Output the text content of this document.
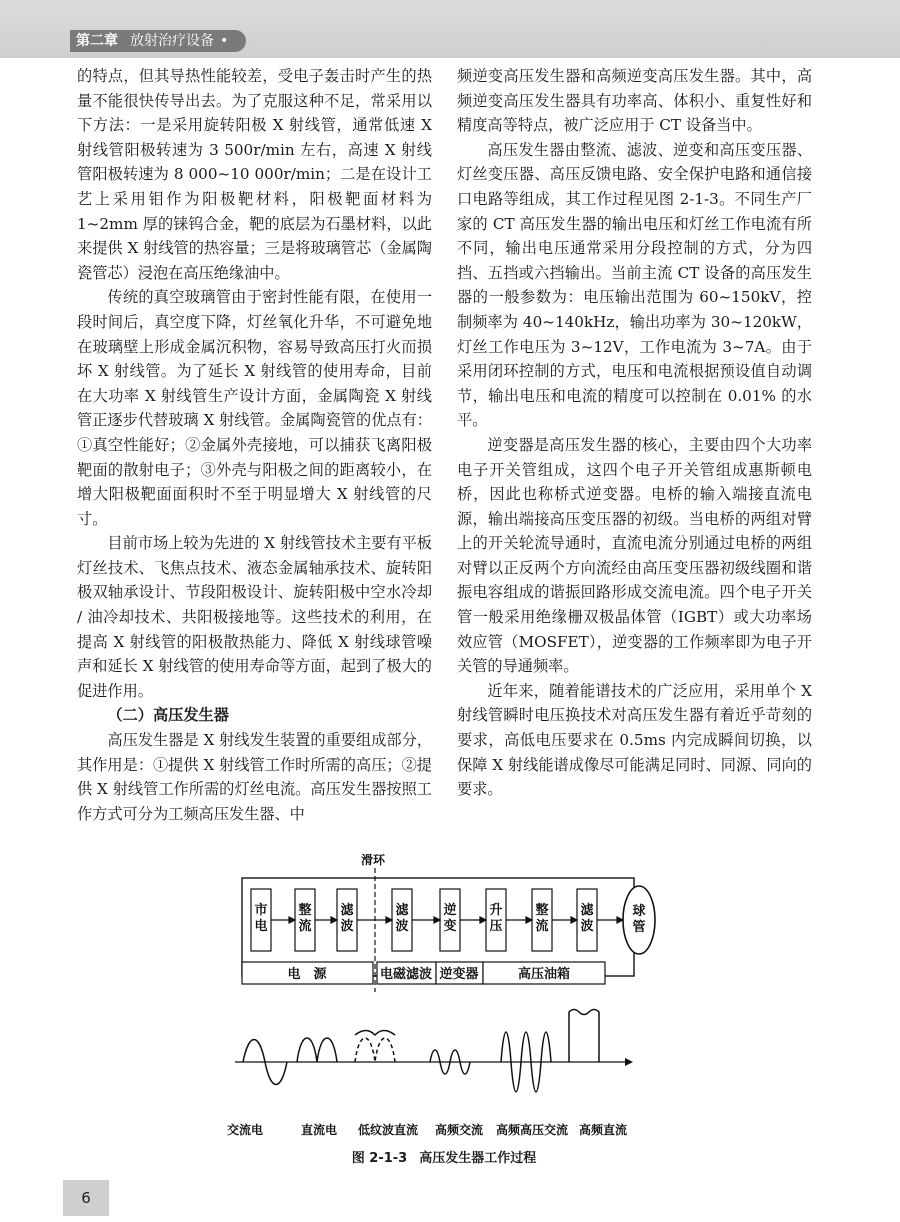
第二章 放射治疗设备 •

的特点，但其导热性能较差，受电子轰击时产生的热量不能很快传导出去。为了克服这种不足，常采用以下方法：一是采用旋转阳极 X 射线管，通常低速 X 射线管阳极转速为 3 500r/min 左右，高速 X 射线管阳极转速为 8 000~10 000r/min；二是在设计工艺上采用钼作为阳极靶材料，阳极靶面材料为 1~2mm 厚的铼钨合金，靶的底层为石墨材料，以此来提供 X 射线管的热容量；三是将玻璃管芯（金属陶瓷管芯）浸泡在高压绝缘油中。

传统的真空玻璃管由于密封性能有限，在使用一段时间后，真空度下降，灯丝氧化升华，不可避免地在玻璃壁上形成金属沉积物，容易导致高压打火而损坏 X 射线管。为了延长 X 射线管的使用寿命，目前在大功率 X 射线管生产设计方面，金属陶瓷 X 射线管正逐步代替玻璃 X 射线管。金属陶瓷管的优点有：①真空性能好；②金属外壳接地，可以捕获飞离阳极靶面的散射电子；③外壳与阳极之间的距离较小，在增大阳极靶面面积时不至于明显增大 X 射线管的尺寸。

目前市场上较为先进的 X 射线管技术主要有平板灯丝技术、飞焦点技术、液态金属轴承技术、旋转阳极双轴承设计、节段阳极设计、旋转阳极中空水冷却 / 油冷却技术、共阳极接地等。这些技术的利用，在提高 X 射线管的阳极散热能力、降低 X 射线球管噪声和延长 X 射线管的使用寿命等方面，起到了极大的促进作用。

（二）高压发生器

高压发生器是 X 射线发生装置的重要组成部分，其作用是：①提供 X 射线管工作时所需的高压；②提供 X 射线管工作所需的灯丝电流。高压发生器按照工作方式可分为工频高压发生器、中

频逆变高压发生器和高频逆变高压发生器。其中，高频逆变高压发生器具有功率高、体积小、重复性好和精度高等特点，被广泛应用于 CT 设备当中。

高压发生器由整流、滤波、逆变和高压变压器、灯丝变压器、高压反馈电路、安全保护电路和通信接口电路等组成，其工作过程见图 2-1-3。不同生产厂家的 CT 高压发生器的输出电压和灯丝工作电流有所不同，输出电压通常采用分段控制的方式，分为四挡、五挡或六挡输出。当前主流 CT 设备的高压发生器的一般参数为：电压输出范围为 60~150kV，控制频率为 40~140kHz，输出功率为 30~120kW，灯丝工作电压为 3~12V，工作电流为 3~7A。由于采用闭环控制的方式，电压和电流根据预设值自动调节，输出电压和电流的精度可以控制在 0.01% 的水平。

逆变器是高压发生器的核心，主要由四个大功率电子开关管组成，这四个电子开关管组成惠斯顿电桥，因此也称桥式逆变器。电桥的输入端接直流电源，输出端接高压变压器的初级。当电桥的两组对臂上的开关轮流导通时，直流电流分别通过电桥的两组对臂以正反两个方向流经由高压变压器初级线圈和谐振电容组成的谐振回路形成交流电流。四个电子开关管一般采用绝缘栅双极晶体管（IGBT）或大功率场效应管（MOSFET），逆变器的工作频率即为电子开关管的导通频率。

近年来，随着能谱技术的广泛应用，采用单个 X 射线管瞬时电压换技术对高压发生器有着近乎苛刻的要求，高低电压要求在 0.5ms 内完成瞬间切换，以保障 X 射线能谱成像尽可能满足同时、同源、同向的要求。

滑环
市电
整流
滤波
滤波
逆变
升压
整流
滤波
球管
电　源	电磁滤波 逆变器	高压油箱
交流电	直流电 低纹波直流 高频交流 高频高压交流 高频直流
图 2-1-3 高压发生器工作过程
6
